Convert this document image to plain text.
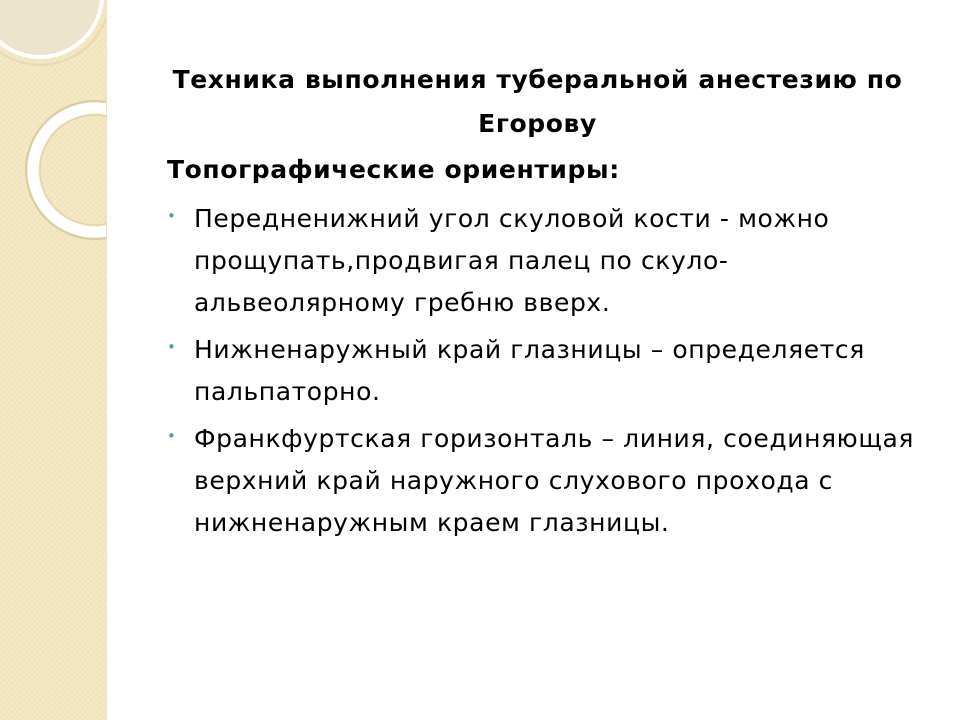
Техника выполнения туберальной анестезию по Егорову
Топографические ориентиры:
• Передненижний угол скуловой кости - можно прощупать,продвигая палец по скуло-альвеолярному гребню вверх.
• Нижненаружный край глазницы – определяется пальпаторно.
• Франкфуртская горизонталь – линия, соединяющая верхний край наружного слухового прохода с нижненаружным краем глазницы.
